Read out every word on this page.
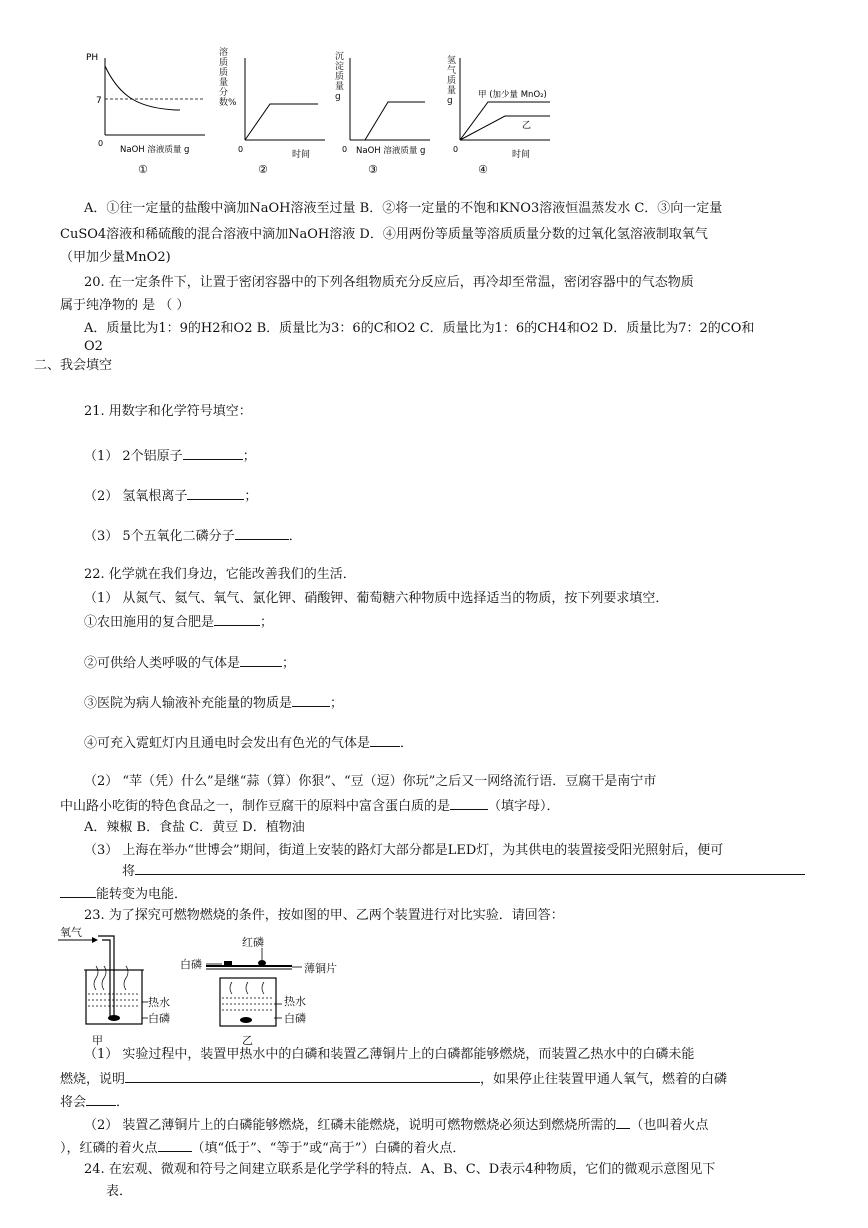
PH
7
0
NaOH 溶液质量 g
①
0
时间
②
0 NaOH 溶液质量 g
③
甲 (加少量 MnO₂)
乙
0
时间
④
溶质质量分数%
沉淀质量g
氢气质量g
A．①往一定量的盐酸中滴加NaOH溶液至过量 B．②将一定量的不饱和KNO3溶液恒温蒸发水 C．③向一定量
CuSO4溶液和稀硫酸的混合溶液中滴加NaOH溶液 D．④用两份等质量等溶质质量分数的过氧化氢溶液制取氧气
（甲加少量MnO2)
20. 在一定条件下，让置于密闭容器中的下列各组物质充分反应后，再冷却至常温，密闭容器中的气态物质
属于纯净物的 是 （ ）
A．质量比为1：9的H2和O2 B．质量比为3：6的C和O2 C．质量比为1：6的CH4和O2 D．质量比为7：2的CO和
O2
二、我会填空
21. 用数字和化学符号填空：
（1） 2个铝原子	；
（2） 氢氧根离子	；
（3） 5个五氧化二磷分子	．
22. 化学就在我们身边，它能改善我们的生活．
（1） 从氮气、氦气、氧气、氯化钾、硝酸钾、葡萄糖六种物质中选择适当的物质，按下列要求填空．
①农田施用的复合肥是	；
②可供给人类呼吸的气体是	；
③医院为病人输液补充能量的物质是	；
④可充入霓虹灯内且通电时会发出有色光的气体是 ．
（2） “苹（凭）什么”是继“蒜（算）你狠”、“豆（逗）你玩”之后又一网络流行语．豆腐干是南宁市
中山路小吃街的特色食品之一，制作豆腐干的原料中富含蛋白质的是	（填字母）．
A．辣椒 B．食盐 C．黄豆 D．植物油
（3） 上海在举办“世博会”期间，街道上安装的路灯大部分都是LED灯，为其供电的装置接受阳光照射后，便可
将
能转变为电能．
23. 为了探究可燃物燃烧的条件，按如图的甲、乙两个装置进行对比实验．请回答：
氧气
热水
白磷
甲
红磷
白磷	薄铜片
热水
白磷
乙
（1） 实验过程中，装置甲热水中的白磷和装置乙薄铜片上的白磷都能够燃烧，而装置乙热水中的白磷未能
燃烧，说明	，如果停止往装置甲通人氧气，燃着的白磷
将会 ．
（2） 装置乙薄铜片上的白磷能够燃烧，红磷未能燃烧，说明可燃物燃烧必须达到燃烧所需的 （也叫着火点
），红磷的着火点	（填“低于”、“等于”或“高于”）白磷的着火点．
24. 在宏观、微观和符号之间建立联系是化学学科的特点．A、B、C、D表示4种物质，它们的微观示意图见下
表．
